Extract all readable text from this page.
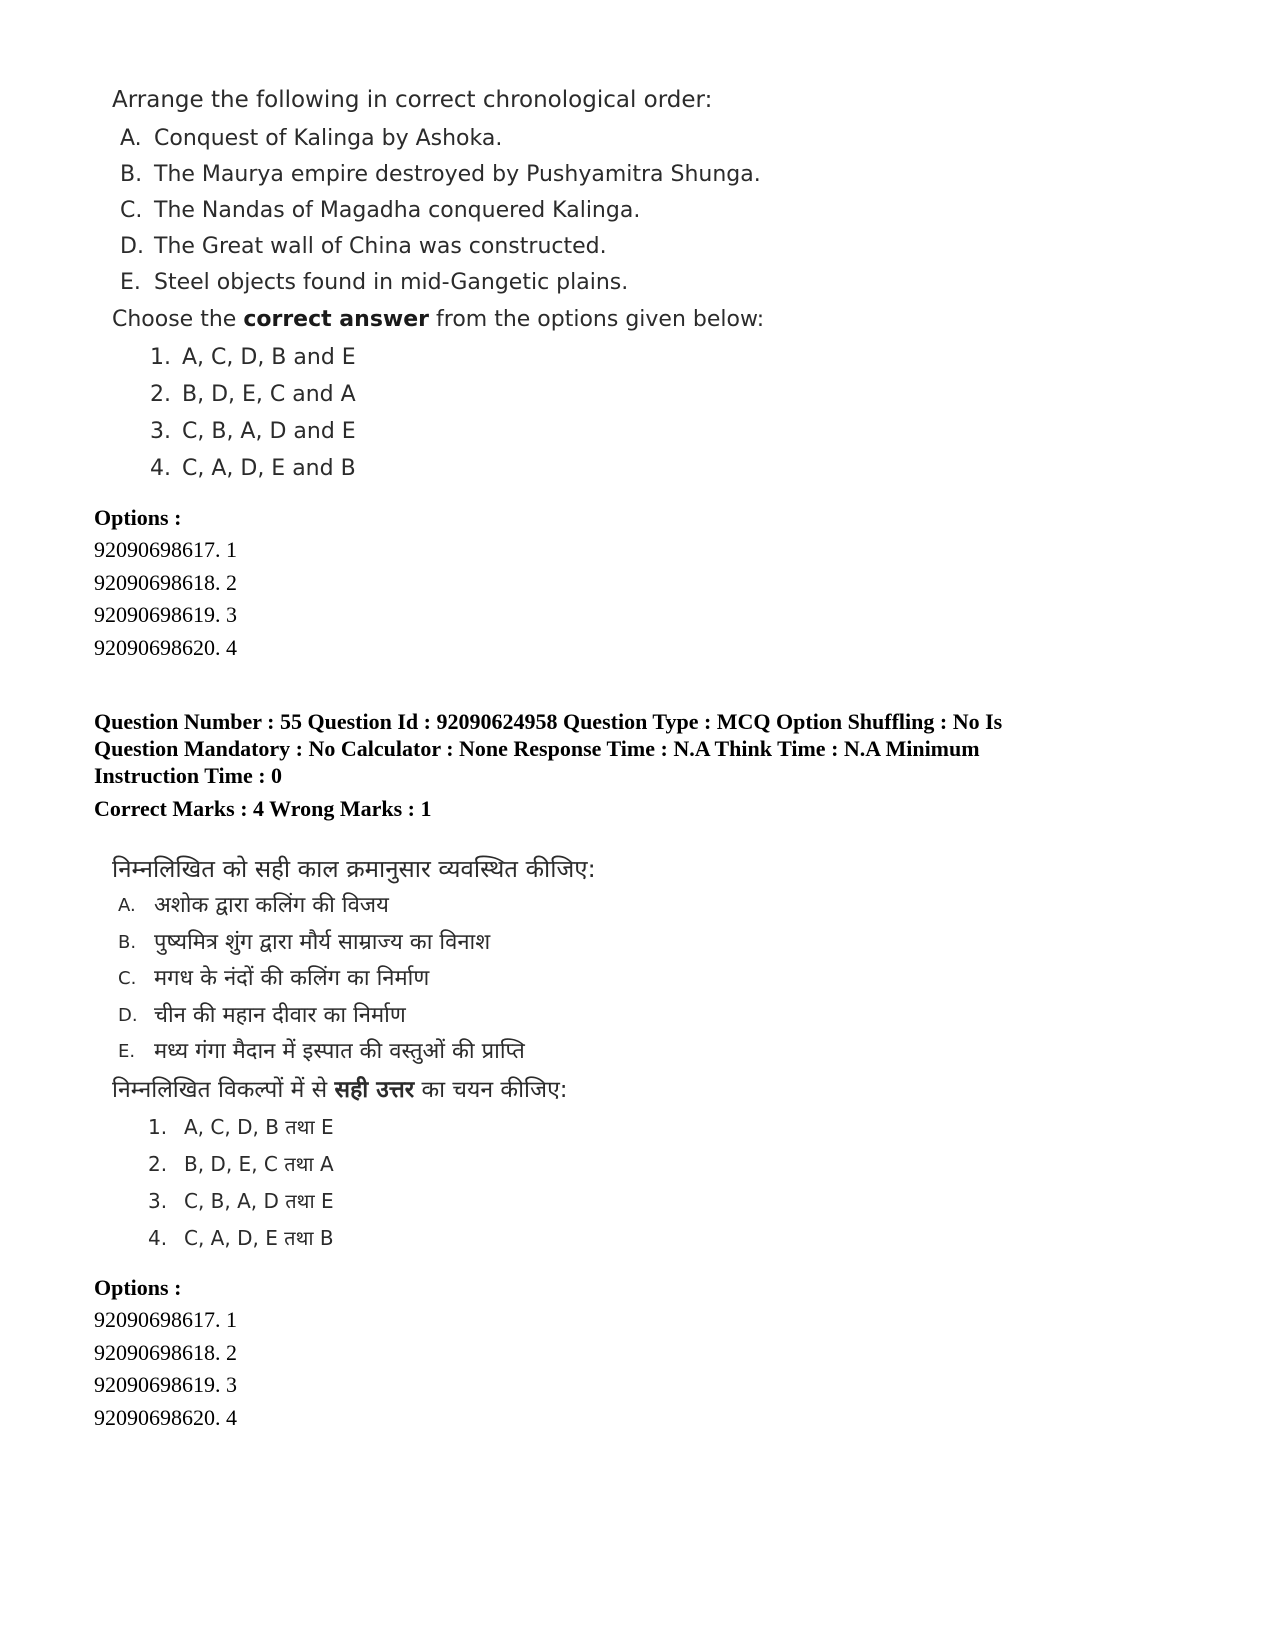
Arrange the following in correct chronological order:
A. Conquest of Kalinga by Ashoka.
B. The Maurya empire destroyed by Pushyamitra Shunga.
C. The Nandas of Magadha conquered Kalinga.
D. The Great wall of China was constructed.
E. Steel objects found in mid-Gangetic plains.
Choose the correct answer from the options given below:
1. A, C, D, B and E
2. B, D, E, C and A
3. C, B, A, D and E
4. C, A, D, E and B
Options :
92090698617. 1
92090698618. 2
92090698619. 3
92090698620. 4
Question Number : 55 Question Id : 92090624958 Question Type : MCQ Option Shuffling : No Is
Question Mandatory : No Calculator : None Response Time : N.A Think Time : N.A Minimum
Instruction Time : 0
Correct Marks : 4 Wrong Marks : 1
निम्नलिखित को सही काल क्रमानुसार व्यवस्थित कीजिए:
A. अशोक द्वारा कलिंग की विजय
B. पुष्यमित्र शुंग द्वारा मौर्य साम्राज्य का विनाश
C. मगध के नंदों की कलिंग का निर्माण
D. चीन की महान दीवार का निर्माण
E. मध्य गंगा मैदान में इस्पात की वस्तुओं की प्राप्ति
निम्नलिखित विकल्पों में से सही उत्तर का चयन कीजिए:
1. A, C, D, B तथा E
2. B, D, E, C तथा A
3. C, B, A, D तथा E
4. C, A, D, E तथा B
Options :
92090698617. 1
92090698618. 2
92090698619. 3
92090698620. 4
